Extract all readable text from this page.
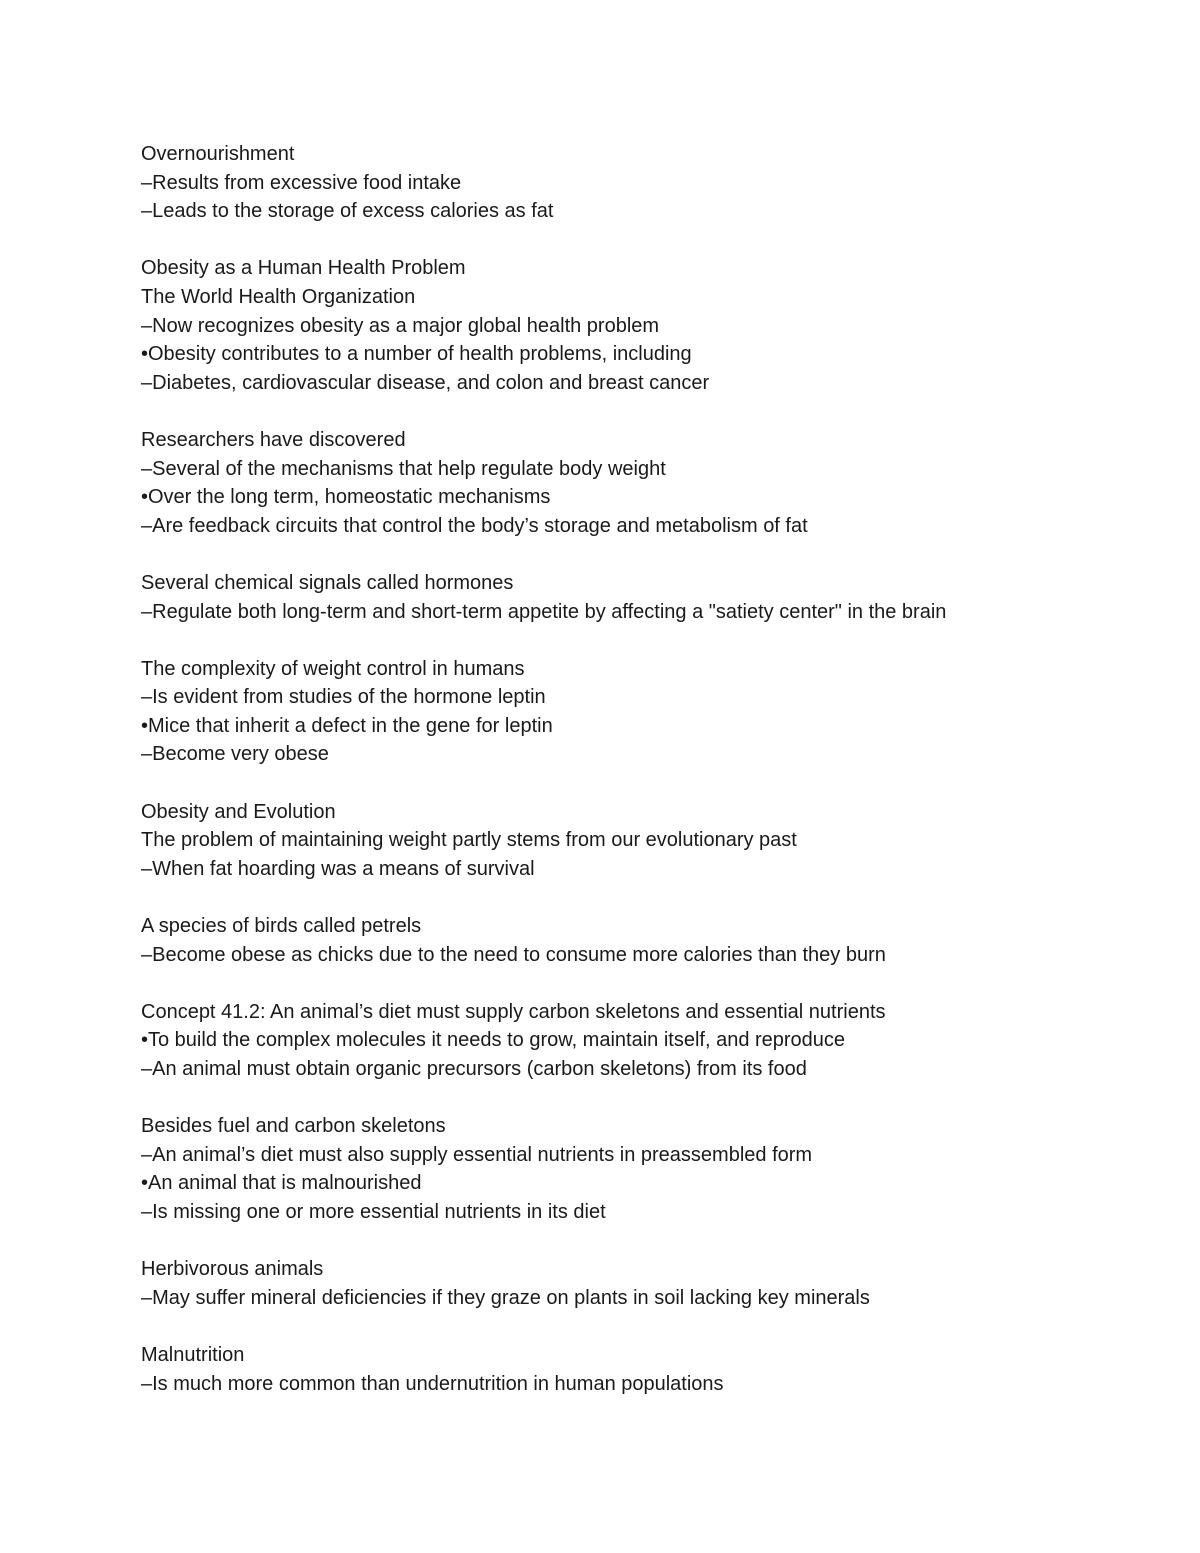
Overnourishment
–Results from excessive food intake
–Leads to the storage of excess calories as fat
Obesity as a Human Health Problem
The World Health Organization
–Now recognizes obesity as a major global health problem
•Obesity contributes to a number of health problems, including
–Diabetes, cardiovascular disease, and colon and breast cancer
Researchers have discovered
–Several of the mechanisms that help regulate body weight
•Over the long term, homeostatic mechanisms
–Are feedback circuits that control the body’s storage and metabolism of fat
Several chemical signals called hormones
–Regulate both long-term and short-term appetite by affecting a "satiety center" in the brain
The complexity of weight control in humans
–Is evident from studies of the hormone leptin
•Mice that inherit a defect in the gene for leptin
–Become very obese
Obesity and Evolution
The problem of maintaining weight partly stems from our evolutionary past
–When fat hoarding was a means of survival
A species of birds called petrels
–Become obese as chicks due to the need to consume more calories than they burn
Concept 41.2: An animal’s diet must supply carbon skeletons and essential nutrients
•To build the complex molecules it needs to grow, maintain itself, and reproduce
–An animal must obtain organic precursors (carbon skeletons) from its food
Besides fuel and carbon skeletons
–An animal’s diet must also supply essential nutrients in preassembled form
•An animal that is malnourished
–Is missing one or more essential nutrients in its diet
Herbivorous animals
–May suffer mineral deficiencies if they graze on plants in soil lacking key minerals
Malnutrition
–Is much more common than undernutrition in human populations
